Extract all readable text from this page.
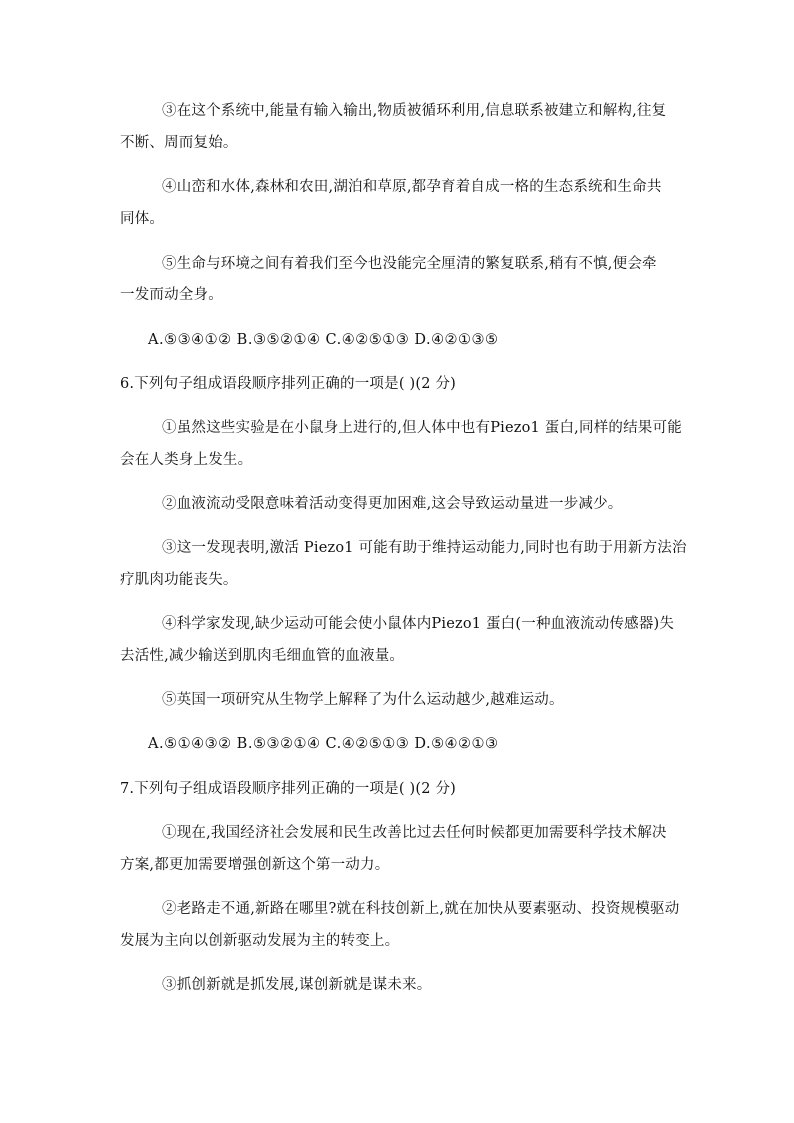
③在这个系统中,能量有输入输出,物质被循环利用,信息联系被建立和解构,往复
不断、周而复始。
④山峦和水体,森林和农田,湖泊和草原,都孕育着自成一格的生态系统和生命共
同体。
⑤生命与环境之间有着我们至今也没能完全厘清的繁复联系,稍有不慎,便会牵
一发而动全身。
A.⑤③④①② B.③⑤②①④ C.④②⑤①③ D.④②①③⑤
6.下列句子组成语段顺序排列正确的一项是( )(2 分)
①虽然这些实验是在小鼠身上进行的,但人体中也有Piezo1 蛋白,同样的结果可能
会在人类身上发生。
②血液流动受限意味着活动变得更加困难,这会导致运动量进一步减少。
③这一发现表明,激活 Piezo1 可能有助于维持运动能力,同时也有助于用新方法治
疗肌肉功能丧失。
④科学家发现,缺少运动可能会使小鼠体内Piezo1 蛋白(一种血液流动传感器)失
去活性,减少输送到肌肉毛细血管的血液量。
⑤英国一项研究从生物学上解释了为什么运动越少,越难运动。
A.⑤①④③② B.⑤③②①④ C.④②⑤①③ D.⑤④②①③
7.下列句子组成语段顺序排列正确的一项是( )(2 分)
①现在,我国经济社会发展和民生改善比过去任何时候都更加需要科学技术解决
方案,都更加需要增强创新这个第一动力。
②老路走不通,新路在哪里?就在科技创新上,就在加快从要素驱动、投资规模驱动
发展为主向以创新驱动发展为主的转变上。
③抓创新就是抓发展,谋创新就是谋未来。
